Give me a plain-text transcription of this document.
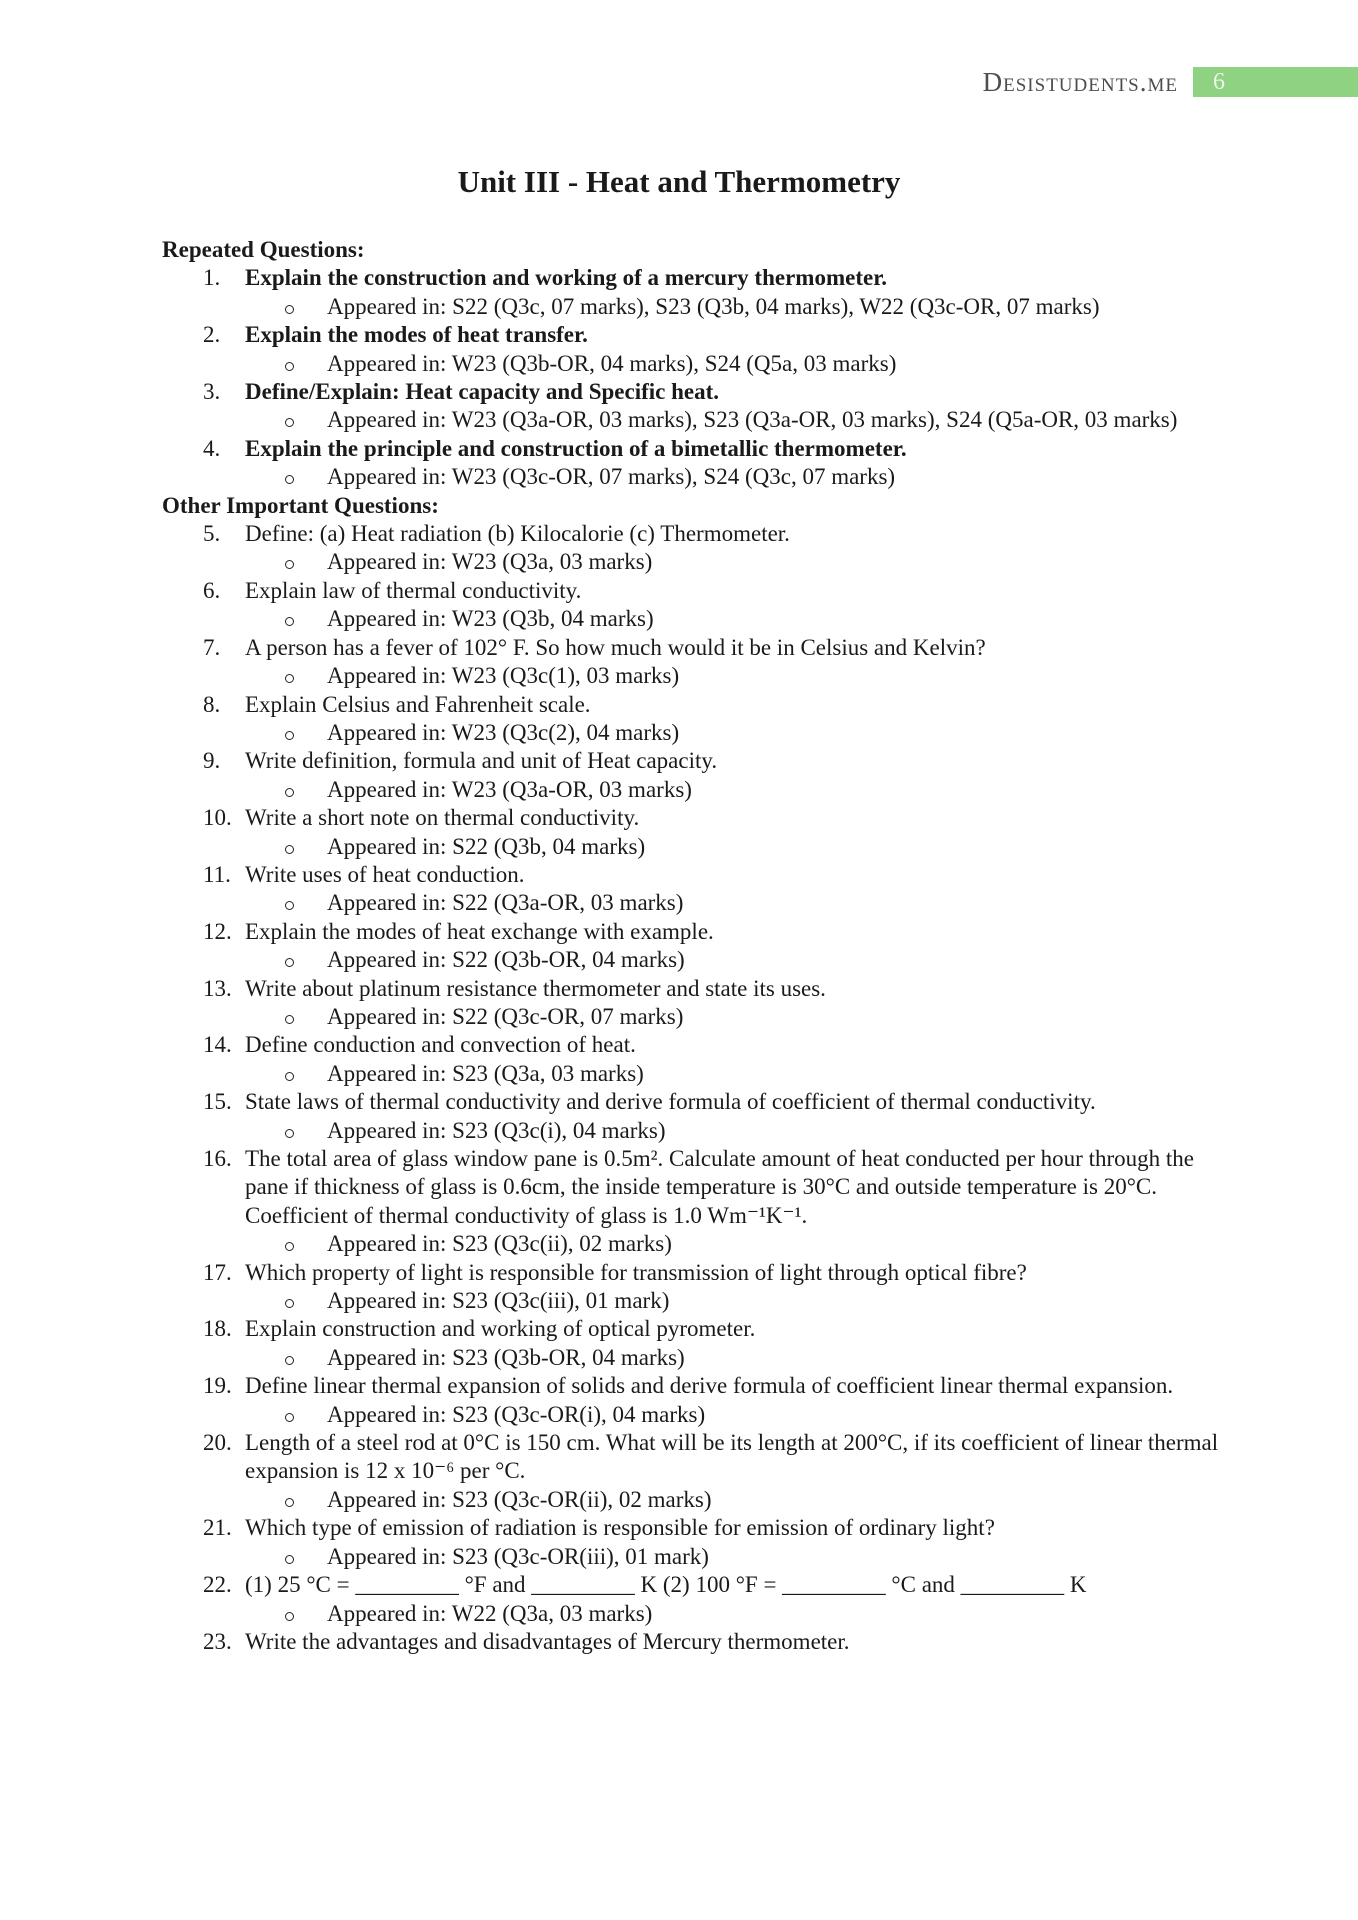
Desistudents.me 6
Unit III - Heat and Thermometry
Repeated Questions:
1.	Explain the construction and working of a mercury thermometer.
Appeared in: S22 (Q3c, 07 marks), S23 (Q3b, 04 marks), W22 (Q3c-OR, 07 marks)
2.	Explain the modes of heat transfer.
Appeared in: W23 (Q3b-OR, 04 marks), S24 (Q5a, 03 marks)
3.	Define/Explain: Heat capacity and Specific heat.
Appeared in: W23 (Q3a-OR, 03 marks), S23 (Q3a-OR, 03 marks), S24 (Q5a-OR, 03 marks)
4.	Explain the principle and construction of a bimetallic thermometer.
Appeared in: W23 (Q3c-OR, 07 marks), S24 (Q3c, 07 marks)
Other Important Questions:
5.	Define: (a) Heat radiation (b) Kilocalorie (c) Thermometer.
Appeared in: W23 (Q3a, 03 marks)
6.	Explain law of thermal conductivity.
Appeared in: W23 (Q3b, 04 marks)
7.	A person has a fever of 102° F. So how much would it be in Celsius and Kelvin?
Appeared in: W23 (Q3c(1), 03 marks)
8.	Explain Celsius and Fahrenheit scale.
Appeared in: W23 (Q3c(2), 04 marks)
9.	Write definition, formula and unit of Heat capacity.
Appeared in: W23 (Q3a-OR, 03 marks)
10. Write a short note on thermal conductivity.
Appeared in: S22 (Q3b, 04 marks)
11. Write uses of heat conduction.
Appeared in: S22 (Q3a-OR, 03 marks)
12. Explain the modes of heat exchange with example.
Appeared in: S22 (Q3b-OR, 04 marks)
13. Write about platinum resistance thermometer and state its uses.
Appeared in: S22 (Q3c-OR, 07 marks)
14. Define conduction and convection of heat.
Appeared in: S23 (Q3a, 03 marks)
15. State laws of thermal conductivity and derive formula of coefficient of thermal conductivity.
Appeared in: S23 (Q3c(i), 04 marks)
16. The total area of glass window pane is 0.5m². Calculate amount of heat conducted per hour through the pane if thickness of glass is 0.6cm, the inside temperature is 30°C and outside temperature is 20°C. Coefficient of thermal conductivity of glass is 1.0 Wm⁻¹K⁻¹.
Appeared in: S23 (Q3c(ii), 02 marks)
17. Which property of light is responsible for transmission of light through optical fibre?
Appeared in: S23 (Q3c(iii), 01 mark)
18. Explain construction and working of optical pyrometer.
Appeared in: S23 (Q3b-OR, 04 marks)
19. Define linear thermal expansion of solids and derive formula of coefficient linear thermal expansion.
Appeared in: S23 (Q3c-OR(i), 04 marks)
20. Length of a steel rod at 0°C is 150 cm. What will be its length at 200°C, if its coefficient of linear thermal expansion is 12 x 10⁻⁶ per °C.
Appeared in: S23 (Q3c-OR(ii), 02 marks)
21. Which type of emission of radiation is responsible for emission of ordinary light?
Appeared in: S23 (Q3c-OR(iii), 01 mark)
22. (1) 25 °C = _________ °F and _________ K (2) 100 °F = _________ °C and _________ K
Appeared in: W22 (Q3a, 03 marks)
23. Write the advantages and disadvantages of Mercury thermometer.
